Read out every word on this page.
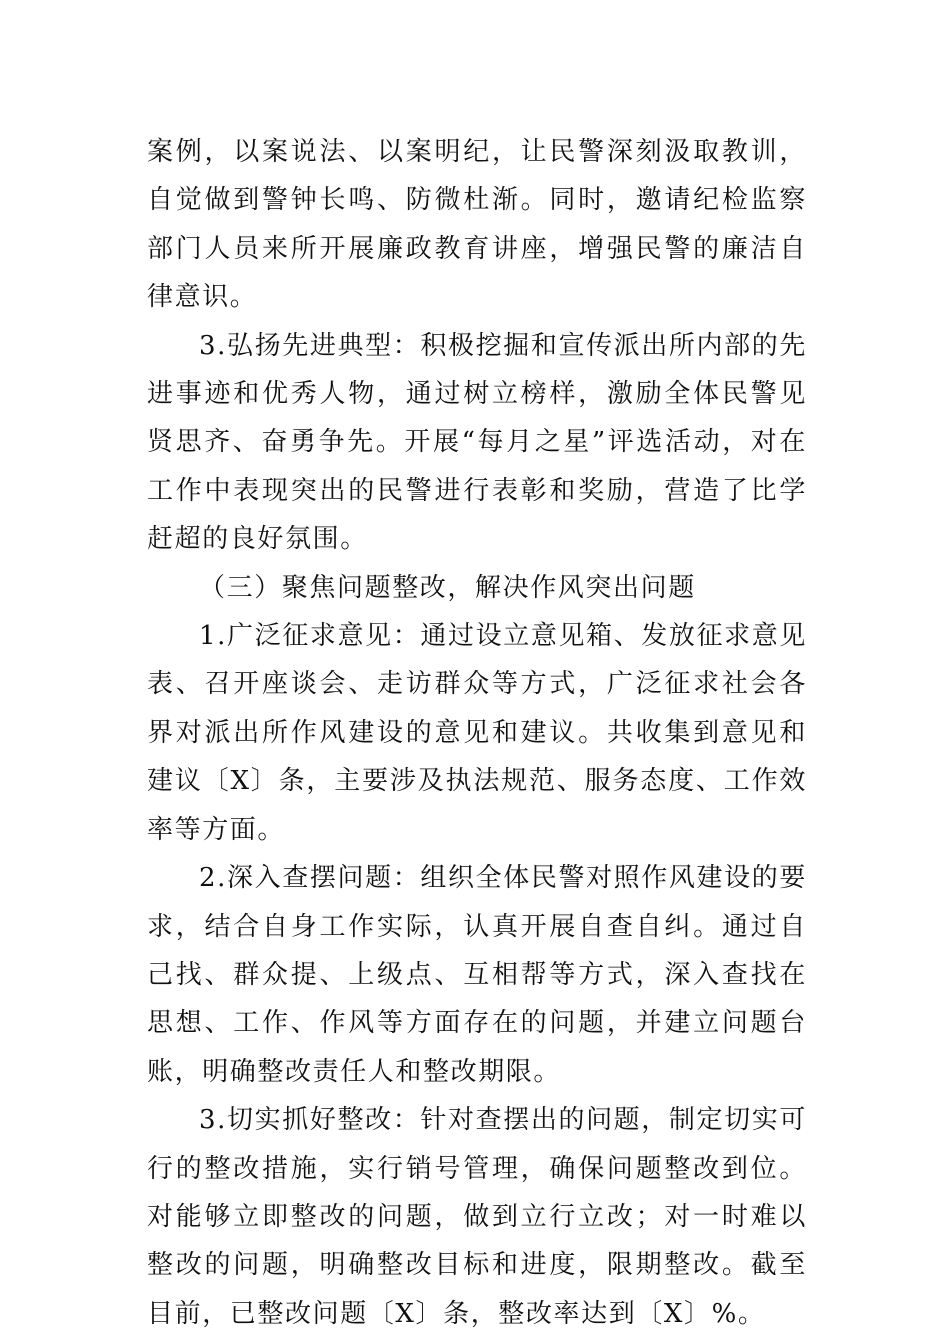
案例，以案说法、以案明纪，让民警深刻汲取教训，自觉做到警钟长鸣、防微杜渐。同时，邀请纪检监察部门人员来所开展廉政教育讲座，增强民警的廉洁自律意识。

3.弘扬先进典型：积极挖掘和宣传派出所内部的先进事迹和优秀人物，通过树立榜样，激励全体民警见贤思齐、奋勇争先。开展“每月之星”评选活动，对在工作中表现突出的民警进行表彰和奖励，营造了比学赶超的良好氛围。

（三）聚焦问题整改，解决作风突出问题

1.广泛征求意见：通过设立意见箱、发放征求意见表、召开座谈会、走访群众等方式，广泛征求社会各界对派出所作风建设的意见和建议。共收集到意见和建议〔X〕条，主要涉及执法规范、服务态度、工作效率等方面。

2.深入查摆问题：组织全体民警对照作风建设的要求，结合自身工作实际，认真开展自查自纠。通过自己找、群众提、上级点、互相帮等方式，深入查找在思想、工作、作风等方面存在的问题，并建立问题台账，明确整改责任人和整改期限。

3.切实抓好整改：针对查摆出的问题，制定切实可行的整改措施，实行销号管理，确保问题整改到位。对能够立即整改的问题，做到立行立改；对一时难以整改的问题，明确整改目标和进度，限期整改。截至目前，已整改问题〔X〕条，整改率达到〔X〕%。
